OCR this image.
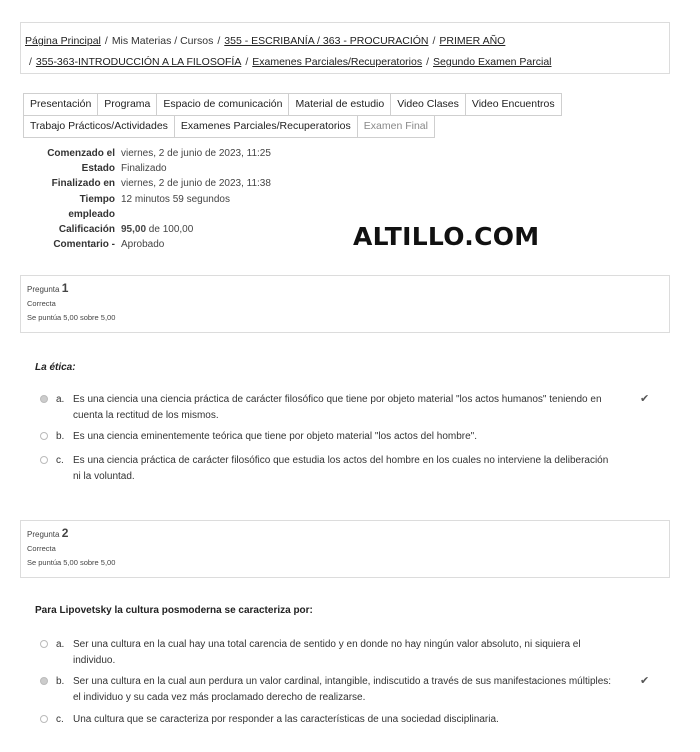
Página Principal / Mis Materias / Cursos / 355 - ESCRIBANÍA / 363 - PROCURACIÓN / PRIMER AÑO
/ 355-363-INTRODUCCIÓN A LA FILOSOFÍA / Examenes Parciales/Recuperatorios / Segundo Examen Parcial
Presentación	Programa	Espacio de comunicación	Material de estudio	Video Clases	Video Encuentros
Trabajo Prácticos/Actividades	Examenes Parciales/Recuperatorios	Examen Final
Comenzado el	viernes, 2 de junio de 2023, 11:25
Estado	Finalizado
Finalizado en	viernes, 2 de junio de 2023, 11:38
Tiempo
empleado	12 minutos 59 segundos
Calificación	95,00 de 100,00
Comentario -	Aprobado	ALTILLO.COM
Pregunta 1
Correcta
Se puntúa 5,00 sobre 5,00
La ética:
a. Es una ciencia una ciencia práctica de carácter filosófico que tiene por objeto material "los actos humanos" teniendo en cuenta la rectitud de los mismos.
✔
b. Es una ciencia eminentemente teórica que tiene por objeto material "los actos del hombre".
c. Es una ciencia práctica de carácter filosófico que estudia los actos del hombre en los cuales no interviene la deliberación ni la voluntad.
Pregunta 2
Correcta
Se puntúa 5,00 sobre 5,00
Para Lipovetsky la cultura posmoderna se caracteriza por:
a. Ser una cultura en la cual hay una total carencia de sentido y en donde no hay ningún valor absoluto, ni siquiera el individuo.
b. Ser una cultura en la cual aun perdura un valor cardinal, intangible, indiscutido a través de sus manifestaciones múltiples: el individuo y su cada vez más proclamado derecho de realizarse.
✔
c. Una cultura que se caracteriza por responder a las características de una sociedad disciplinaria.
